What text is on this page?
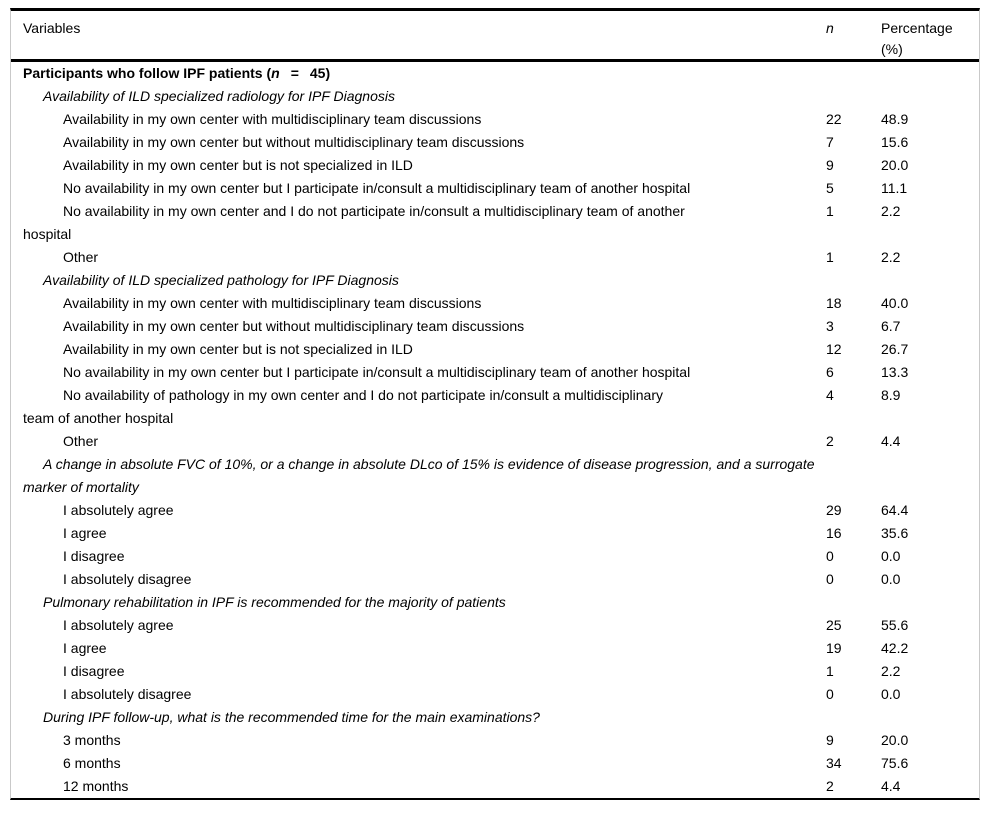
Variables	n	Percentage
(%)
Participants who follow IPF patients (n = 45)
Availability of ILD specialized radiology for IPF Diagnosis
Availability in my own center with multidisciplinary team discussions	22	48.9
Availability in my own center but without multidisciplinary team discussions	7	15.6
Availability in my own center but is not specialized in ILD	9	20.0
No availability in my own center but I participate in/consult a multidisciplinary team of another hospital	5	11.1
No availability in my own center and I do not participate in/consult a multidisciplinary team of another	1	2.2
hospital
Other	1	2.2
Availability of ILD specialized pathology for IPF Diagnosis
Availability in my own center with multidisciplinary team discussions	18	40.0
Availability in my own center but without multidisciplinary team discussions	3	6.7
Availability in my own center but is not specialized in ILD	12	26.7
No availability in my own center but I participate in/consult a multidisciplinary team of another hospital	6	13.3
No availability of pathology in my own center and I do not participate in/consult a multidisciplinary	4	8.9
team of another hospital
Other	2	4.4
A change in absolute FVC of 10%, or a change in absolute DLco of 15% is evidence of disease progression, and a surrogate
marker of mortality
I absolutely agree	29	64.4
I agree	16	35.6
I disagree	0	0.0
I absolutely disagree	0	0.0
Pulmonary rehabilitation in IPF is recommended for the majority of patients
I absolutely agree	25	55.6
I agree	19	42.2
I disagree	1	2.2
I absolutely disagree	0	0.0
During IPF follow-up, what is the recommended time for the main examinations?
3 months	9	20.0
6 months	34	75.6
12 months	2	4.4
